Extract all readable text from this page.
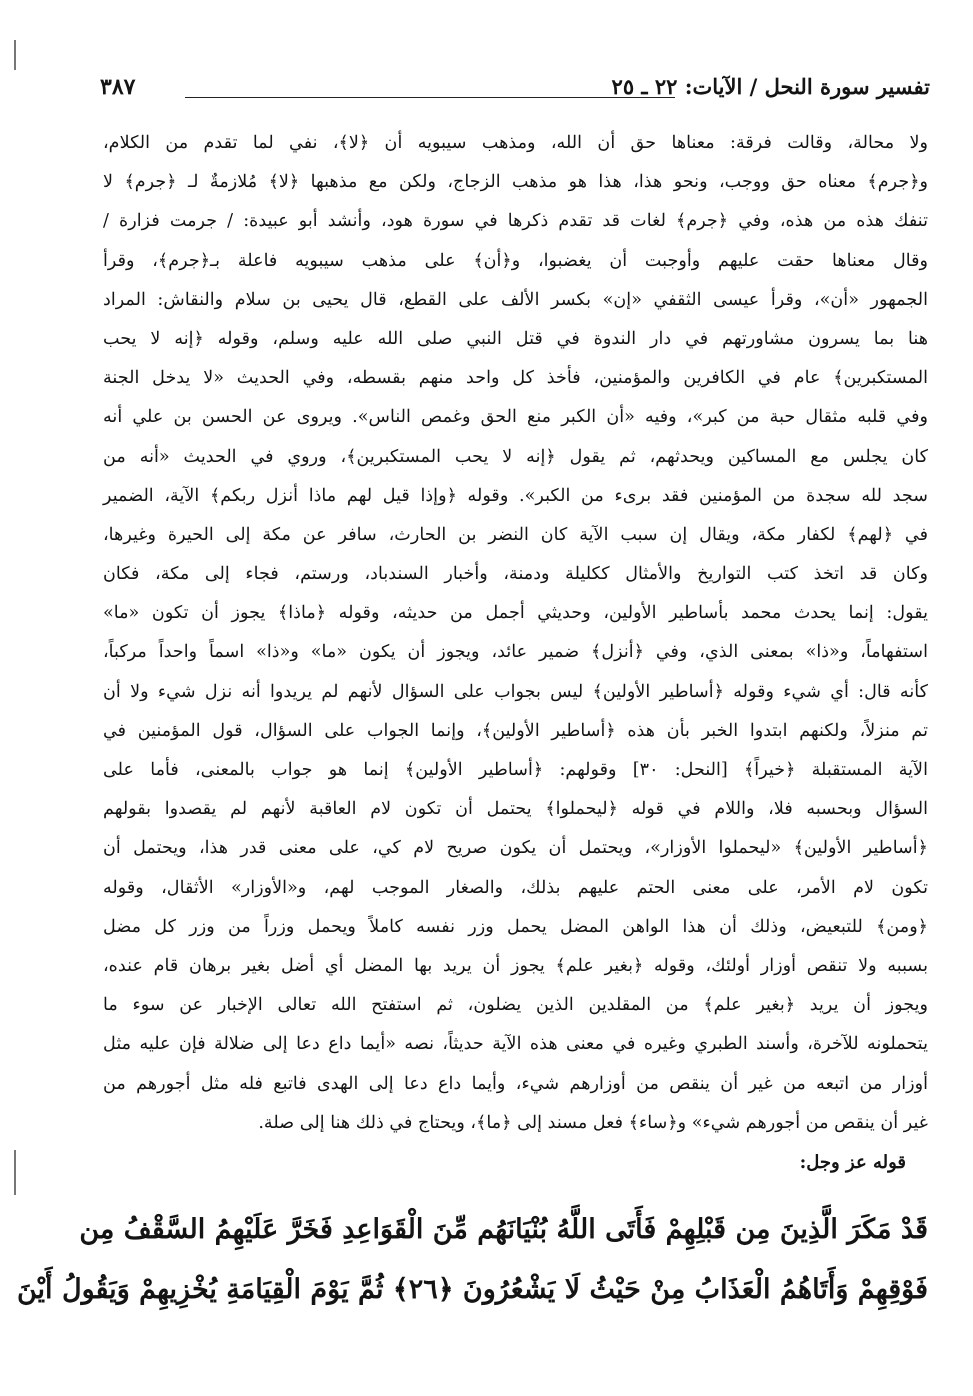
تفسير سورة النحل / الآيات: ٢٢ ـ ٢٥
٣٨٧
ولا محالة، وقالت فرقة: معناها حق أن الله، ومذهب سيبويه أن ﴿لا﴾، نفي لما تقدم من الكلام،
و﴿جرم﴾ معناه حق ووجب، ونحو هذا، هذا هو مذهب الزجاج، ولكن مع مذهبها ﴿لا﴾ مُلازمةٌ لـ ﴿جرم﴾ لا
تنفك هذه من هذه، وفي ﴿جرم﴾ لغات قد تقدم ذكرها في سورة هود، وأنشد أبو عبيدة: / جرمت فزارة /
وقال معناها حقت عليهم وأوجبت أن يغضبوا، و﴿أن﴾ على مذهب سيبويه فاعلة بـ﴿جرم﴾، وقرأ
الجمهور «أن»، وقرأ عيسى الثقفي «إن» بكسر الألف على القطع، قال يحيى بن سلام والنقاش: المراد
هنا بما يسرون مشاورتهم في دار الندوة في قتل النبي صلى الله عليه وسلم، وقوله ﴿إنه لا يحب
المستكبرين﴾ عام في الكافرين والمؤمنين، فأخذ كل واحد منهم بقسطه، وفي الحديث «لا يدخل الجنة
وفي قلبه مثقال حبة من كبر»، وفيه «أن الكبر منع الحق وغمص الناس». ويروى عن الحسن بن علي أنه
كان يجلس مع المساكين ويحدثهم، ثم يقول ﴿إنه لا يحب المستكبرين﴾، وروي في الحديث «أنه من
سجد لله سجدة من المؤمنين فقد برىء من الكبر». وقوله ﴿وإذا قيل لهم ماذا أنزل ربكم﴾ الآية، الضمير
في ﴿لهم﴾ لكفار مكة، ويقال إن سبب الآية كان النضر بن الحارث، سافر عن مكة إلى الحيرة وغيرها،
وكان قد اتخذ كتب التواريخ والأمثال ككليلة ودمنة، وأخبار السندباد، ورستم، فجاء إلى مكة، فكان
يقول: إنما يحدث محمد بأساطير الأولين، وحديثي أجمل من حديثه، وقوله ﴿ماذا﴾ يجوز أن تكون «ما»
استفهاماً، و«ذا» بمعنى الذي، وفي ﴿أنزل﴾ ضمير عائد، ويجوز أن يكون «ما» و«ذا» اسماً واحداً مركباً،
كأنه قال: أي شيء وقوله ﴿أساطير الأولين﴾ ليس بجواب على السؤال لأنهم لم يريدوا أنه نزل شيء ولا أن
تم منزلاً، ولكنهم ابتدوا الخبر بأن هذه ﴿أساطير الأولين﴾، وإنما الجواب على السؤال، قول المؤمنين في
الآية المستقبلة ﴿خيراً﴾ [النحل: ٣٠] وقولهم: ﴿أساطير الأولين﴾ إنما هو جواب بالمعنى، فأما على
السؤال وبحسبه فلا، واللام في قوله ﴿ليحملوا﴾ يحتمل أن تكون لام العاقبة لأنهم لم يقصدوا بقولهم
﴿أساطير الأولين﴾ «ليحملوا الأوزار»، ويحتمل أن يكون صريح لام كي، على معنى قدر هذا، ويحتمل أن
تكون لام الأمر، على معنى الحتم عليهم بذلك، والصغار الموجب لهم، و«الأوزار» الأثقال، وقوله
﴿ومن﴾ للتبعيض، وذلك أن هذا الواهن المضل يحمل وزر نفسه كاملاً ويحمل وزراً من وزر كل مضل
بسببه ولا تنقص أوزار أولئك، وقوله ﴿بغير علم﴾ يجوز أن يريد بها المضل أي أضل بغير برهان قام عنده،
ويجوز أن يريد ﴿بغير علم﴾ من المقلدين الذين يضلون، ثم استفتح الله تعالى الإخبار عن سوء ما
يتحملونه للآخرة، وأسند الطبري وغيره في معنى هذه الآية حديثاً، نصه «أيما داع دعا إلى ضلالة فإن عليه مثل
أوزار من اتبعه من غير أن ينقص من أوزارهم شيء، وأيما داع دعا إلى الهدى فاتبع فله مثل أجورهم من
غير أن ينقص من أجورهم شيء» و﴿ساء﴾ فعل مسند إلى ﴿ما﴾، ويحتاج في ذلك هنا إلى صلة.
قوله عز وجل:
قَدْ مَكَرَ الَّذِينَ مِن قَبْلِهِمْ فَأَتَى اللَّهُ بُنْيَانَهُم مِّنَ الْقَوَاعِدِ فَخَرَّ عَلَيْهِمُ السَّقْفُ مِن
فَوْقِهِمْ وَأَتَاهُمُ الْعَذَابُ مِنْ حَيْثُ لَا يَشْعُرُونَ ﴿٢٦﴾ ثُمَّ يَوْمَ الْقِيَامَةِ يُخْزِيهِمْ وَيَقُولُ أَيْنَ
